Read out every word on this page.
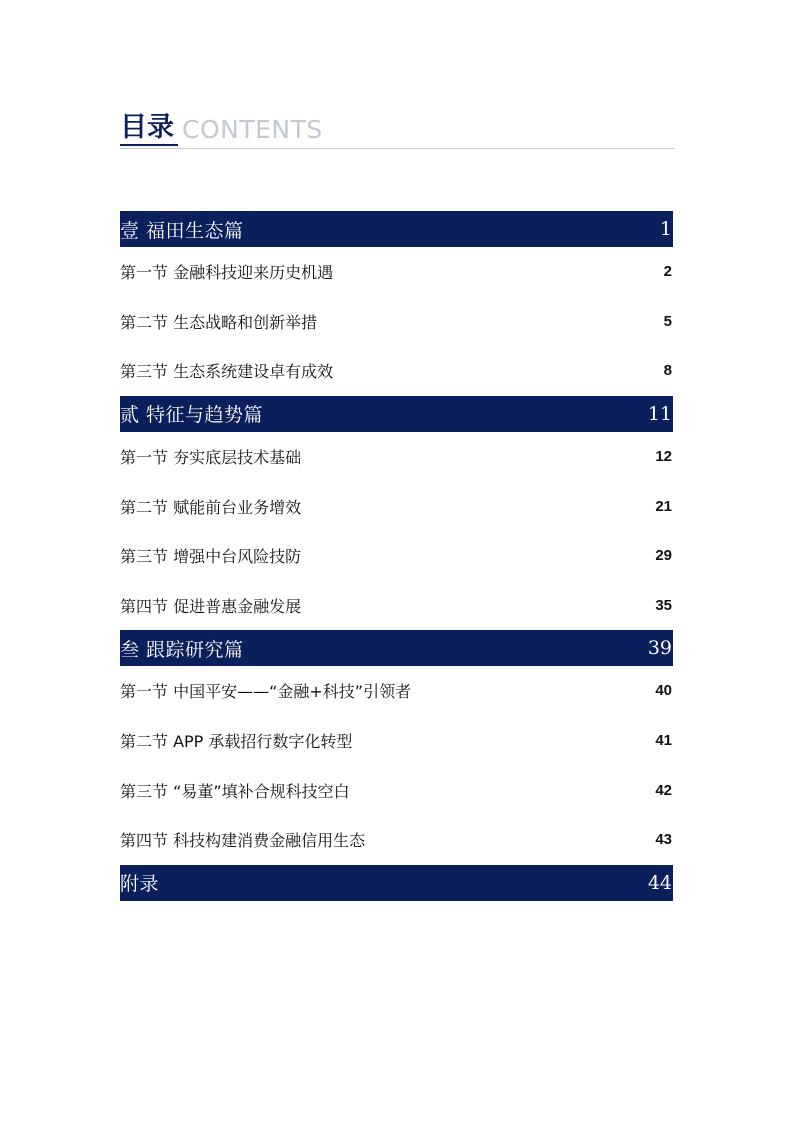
目录 CONTENTS
壹 福田生态篇	1
第一节 金融科技迎来历史机遇	2
第二节 生态战略和创新举措	5
第三节 生态系统建设卓有成效	8
贰 特征与趋势篇	11
第一节 夯实底层技术基础	12
第二节 赋能前台业务增效	21
第三节 增强中台风险技防	29
第四节 促进普惠金融发展	35
叁 跟踪研究篇	39
第一节 中国平安——“金融+科技”引领者	40
第二节 APP 承载招行数字化转型	41
第三节 “易董”填补合规科技空白	42
第四节 科技构建消费金融信用生态	43
附录	44
